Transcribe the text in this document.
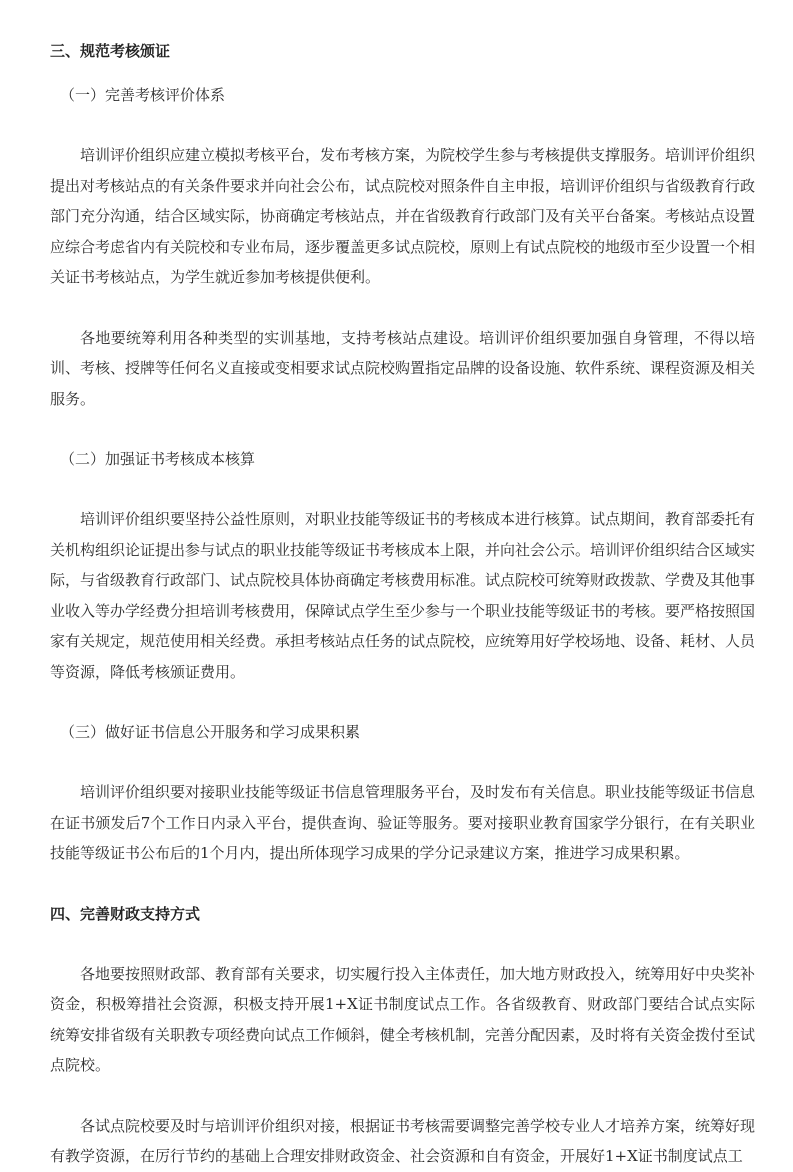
三、规范考核颁证

（一）完善考核评价体系

培训评价组织应建立模拟考核平台，发布考核方案，为院校学生参与考核提供支撑服务。培训评价组织提出对考核站点的有关条件要求并向社会公布，试点院校对照条件自主申报，培训评价组织与省级教育行政部门充分沟通，结合区域实际，协商确定考核站点，并在省级教育行政部门及有关平台备案。考核站点设置应综合考虑省内有关院校和专业布局，逐步覆盖更多试点院校，原则上有试点院校的地级市至少设置一个相关证书考核站点，为学生就近参加考核提供便利。

各地要统筹利用各种类型的实训基地，支持考核站点建设。培训评价组织要加强自身管理，不得以培训、考核、授牌等任何名义直接或变相要求试点院校购置指定品牌的设备设施、软件系统、课程资源及相关服务。

（二）加强证书考核成本核算

培训评价组织要坚持公益性原则，对职业技能等级证书的考核成本进行核算。试点期间，教育部委托有关机构组织论证提出参与试点的职业技能等级证书考核成本上限，并向社会公示。培训评价组织结合区域实际，与省级教育行政部门、试点院校具体协商确定考核费用标准。试点院校可统筹财政拨款、学费及其他事业收入等办学经费分担培训考核费用，保障试点学生至少参与一个职业技能等级证书的考核。要严格按照国家有关规定，规范使用相关经费。承担考核站点任务的试点院校，应统筹用好学校场地、设备、耗材、人员等资源，降低考核颁证费用。

（三）做好证书信息公开服务和学习成果积累

培训评价组织要对接职业技能等级证书信息管理服务平台，及时发布有关信息。职业技能等级证书信息在证书颁发后7个工作日内录入平台，提供查询、验证等服务。要对接职业教育国家学分银行，在有关职业技能等级证书公布后的1个月内，提出所体现学习成果的学分记录建议方案，推进学习成果积累。

四、完善财政支持方式

各地要按照财政部、教育部有关要求，切实履行投入主体责任，加大地方财政投入，统筹用好中央奖补资金，积极筹措社会资源，积极支持开展1+X证书制度试点工作。各省级教育、财政部门要结合试点实际统筹安排省级有关职教专项经费向试点工作倾斜，健全考核机制，完善分配因素，及时将有关资金拨付至试点院校。

各试点院校要及时与培训评价组织对接，根据证书考核需要调整完善学校专业人才培养方案，统筹好现有教学资源，在厉行节约的基础上合理安排财政资金、社会资源和自有资金，开展好1+X证书制度试点工
